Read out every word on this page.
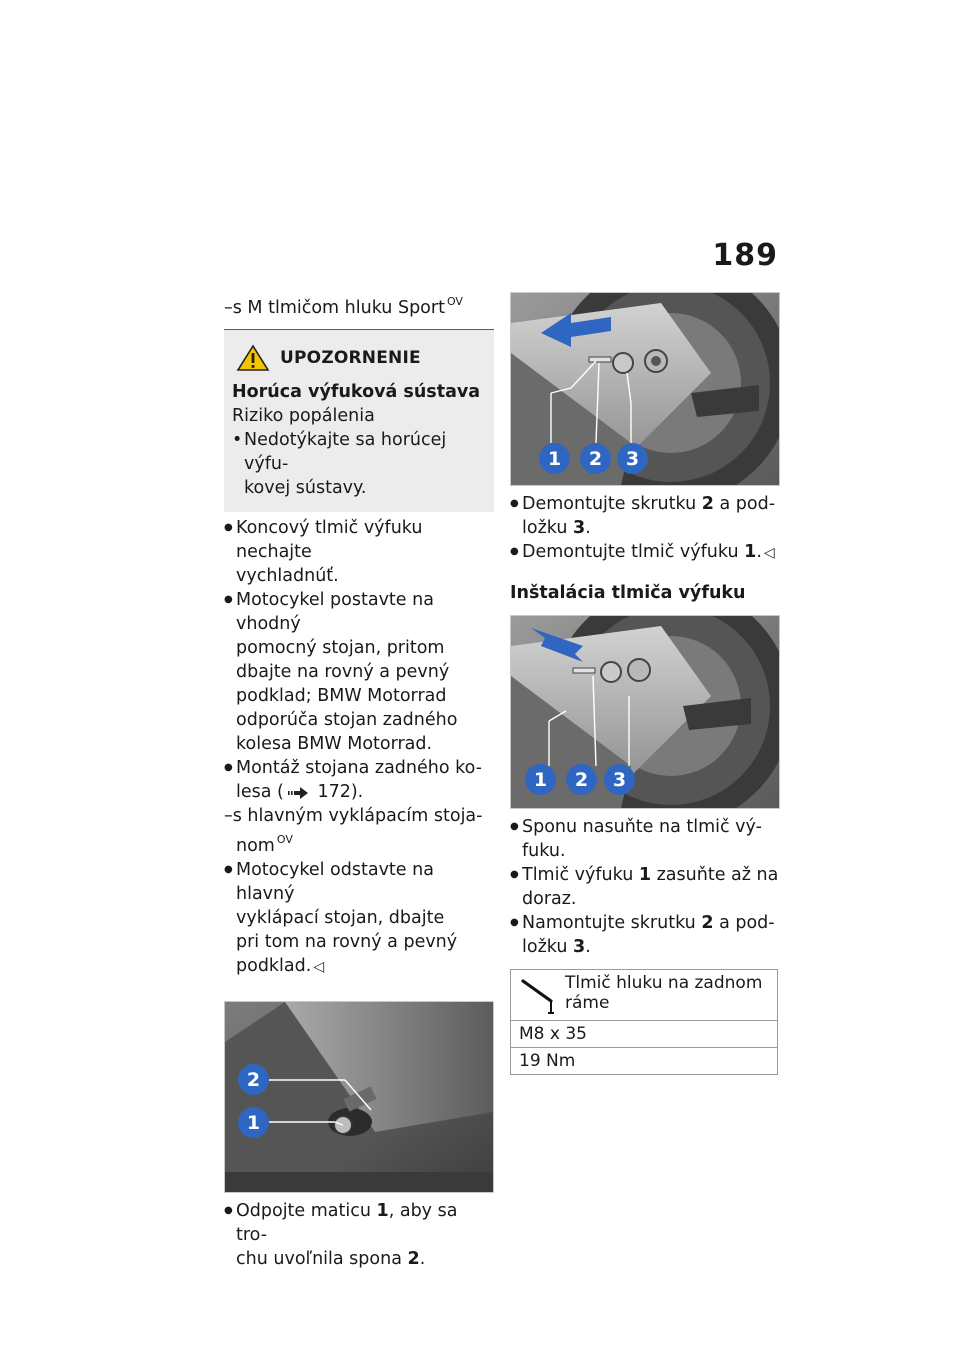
189
–s M tlmičom hluku Sport $^{OV}$
UPOZORNENIE
Horúca výfuková sústava
Riziko popálenia
• Nedotýkajte sa horúcej výfu-
kovej sústavy.
● Koncový tlmič výfuku nechajte
vychladnúť.
● Motocykel postavte na vhodný
pomocný stojan, pritom
dbajte na rovný a pevný
podklad; BMW Motorrad
odporúča stojan zadného
kolesa BMW Motorrad.
● Montáž stojana zadného ko-
lesa ( 172).
–s hlavným vyklápacím stoja-
nom $^{OV}$
● Motocykel odstavte na hlavný
vyklápací stojan, dbajte
pri tom na rovný a pevný
podklad. ◁
2
1
● Odpojte maticu 1, aby sa tro-
chu uvoľnila spona 2.
1	2	3
● Demontujte skrutku 2 a pod-
ložku 3.
● Demontujte tlmič výfuku 1. ◁
Inštalácia tlmiča výfuku
1	2	3
● Sponu nasuňte na tlmič vý-
fuku.
● Tlmič výfuku 1 zasuňte až na
doraz.
● Namontujte skrutku 2 a pod-
ložku 3.
Tlmič hluku na zadnom
ráme

M8 x 35
19 Nm
